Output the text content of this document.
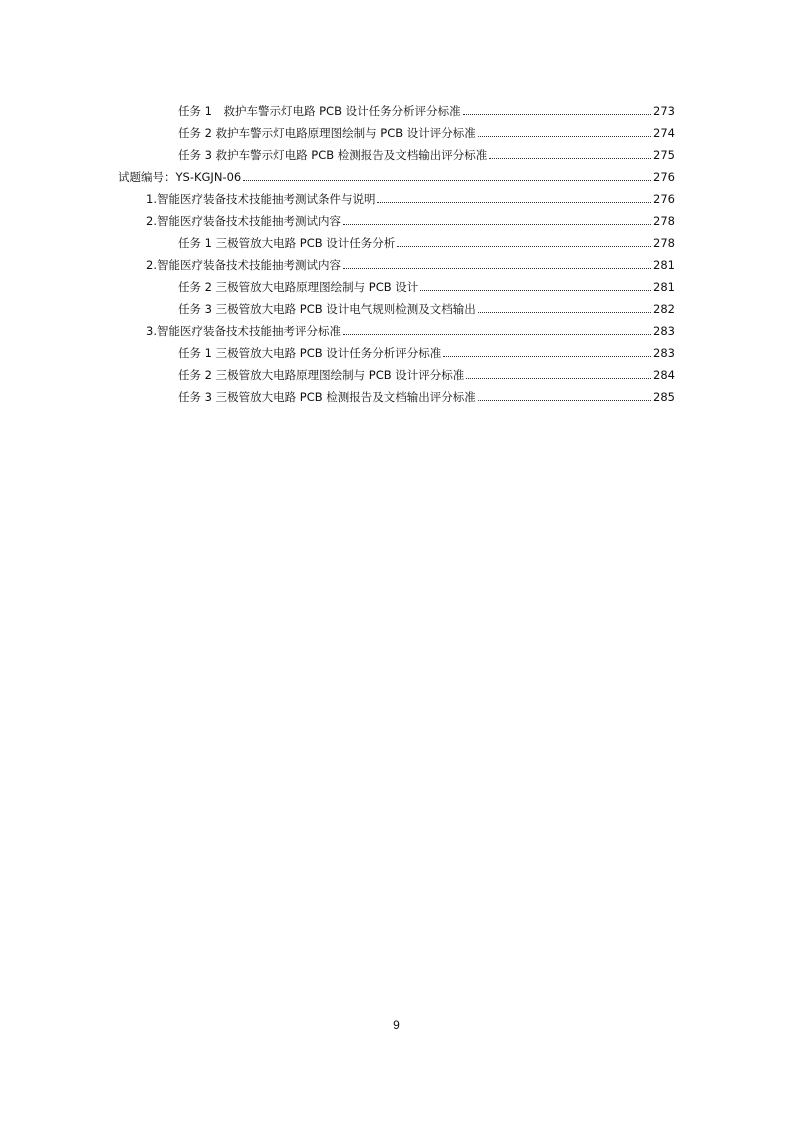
任务 1　救护车警示灯电路 PCB 设计任务分析评分标准	273
任务 2 救护车警示灯电路原理图绘制与 PCB 设计评分标准	274
任务 3 救护车警示灯电路 PCB 检测报告及文档输出评分标准	275
试题编号：YS-KGJN-06	276
1.智能医疗装备技术技能抽考测试条件与说明	276
2.智能医疗装备技术技能抽考测试内容	278
任务 1 三极管放大电路 PCB 设计任务分析	278
2.智能医疗装备技术技能抽考测试内容	281
任务 2 三极管放大电路原理图绘制与 PCB 设计	281
任务 3 三极管放大电路 PCB 设计电气规则检测及文档输出	282
3.智能医疗装备技术技能抽考评分标准	283
任务 1 三极管放大电路 PCB 设计任务分析评分标准	283
任务 2 三极管放大电路原理图绘制与 PCB 设计评分标准	284
任务 3 三极管放大电路 PCB 检测报告及文档输出评分标准	285
9
